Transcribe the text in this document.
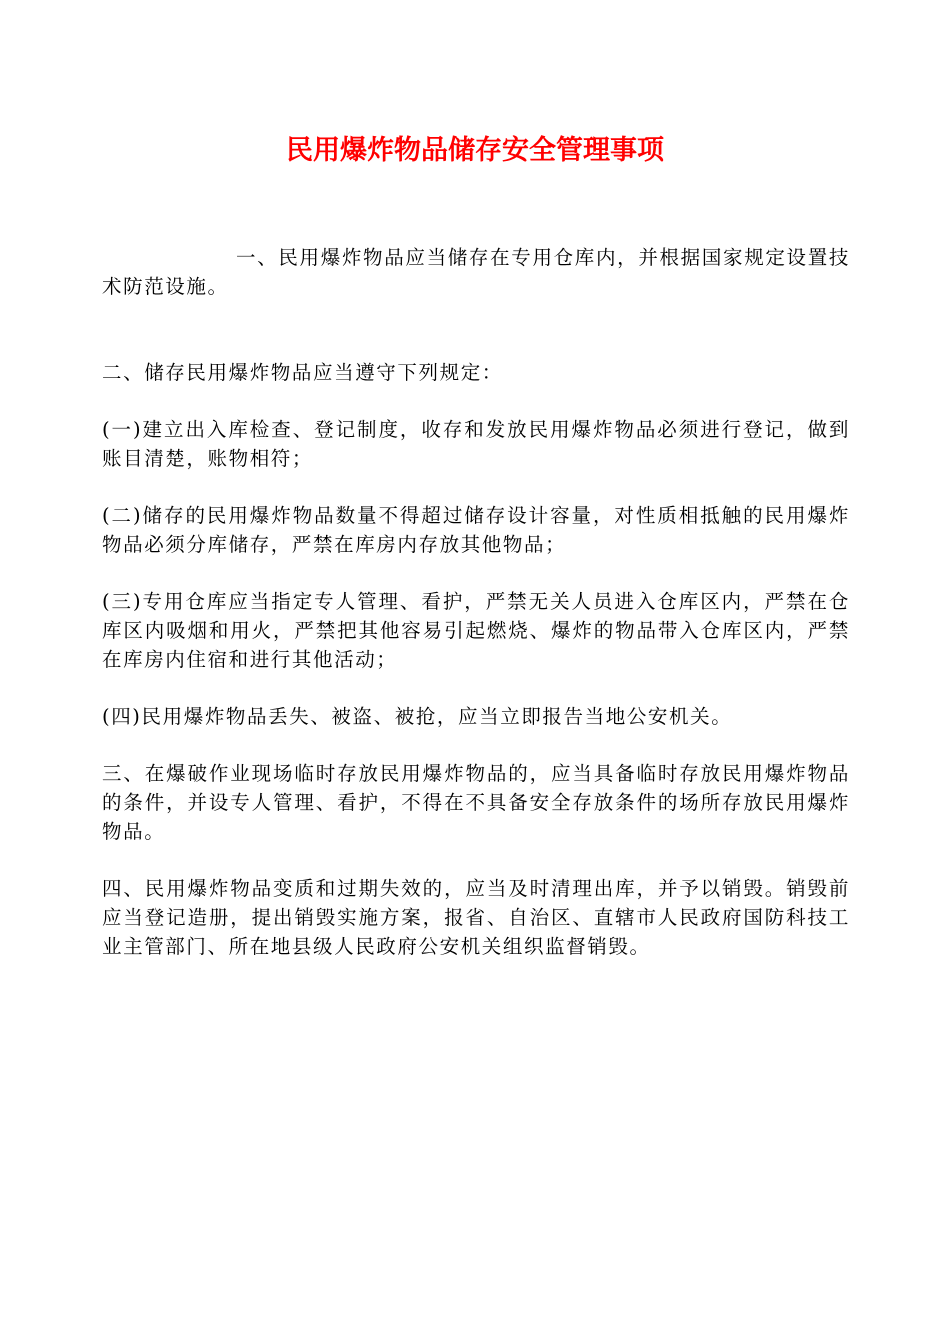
民用爆炸物品储存安全管理事项

一、民用爆炸物品应当储存在专用仓库内，并根据国家规定设置技术防范设施。

二、储存民用爆炸物品应当遵守下列规定：

(一)建立出入库检查、登记制度，收存和发放民用爆炸物品必须进行登记，做到账目清楚，账物相符；

(二)储存的民用爆炸物品数量不得超过储存设计容量，对性质相抵触的民用爆炸物品必须分库储存，严禁在库房内存放其他物品；

(三)专用仓库应当指定专人管理、看护，严禁无关人员进入仓库区内，严禁在仓库区内吸烟和用火，严禁把其他容易引起燃烧、爆炸的物品带入仓库区内，严禁在库房内住宿和进行其他活动；

(四)民用爆炸物品丢失、被盗、被抢，应当立即报告当地公安机关。

三、在爆破作业现场临时存放民用爆炸物品的，应当具备临时存放民用爆炸物品的条件，并设专人管理、看护，不得在不具备安全存放条件的场所存放民用爆炸物品。

四、民用爆炸物品变质和过期失效的，应当及时清理出库，并予以销毁。销毁前应当登记造册，提出销毁实施方案，报省、自治区、直辖市人民政府国防科技工业主管部门、所在地县级人民政府公安机关组织监督销毁。
